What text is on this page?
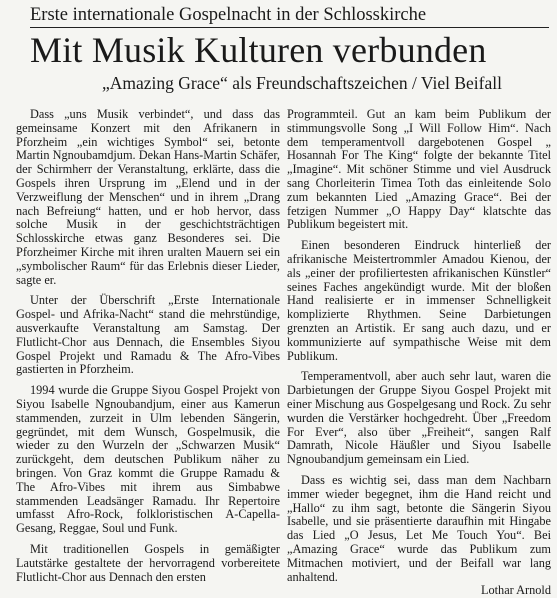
Erste internationale Gospelnacht in der Schlosskirche
Mit Musik Kulturen verbunden
„Amazing Grace“ als Freundschaftszeichen / Viel Beifall

Dass „uns Musik verbindet“, und dass das gemeinsame Konzert mit den Afrikanern in Pforzheim „ein wichtiges Symbol“ sei, betonte Martin Ngnoubamdjum. Dekan Hans-Martin Schäfer, der Schirmherr der Veranstaltung, erklärte, dass die Gospels ihren Ursprung im „Elend und in der Verzweiflung der Menschen“ und in ihrem „Drang nach Befreiung“ hatten, und er hob hervor, dass solche Musik in der geschichtsträchtigen Schlosskirche etwas ganz Besonderes sei. Die Pforzheimer Kirche mit ihren uralten Mauern sei ein „symbolischer Raum“ für das Erlebnis dieser Lieder, sagte er.

Unter der Überschrift „Erste Internationale Gospel- und Afrika-Nacht“ stand die mehrstündige, ausverkaufte Veranstaltung am Samstag. Der Flutlicht-Chor aus Dennach, die Ensembles Siyou Gospel Projekt und Ramadu & The Afro-Vibes gastierten in Pforzheim.

1994 wurde die Gruppe Siyou Gospel Projekt von Siyou Isabelle Ngnoubandjum, einer aus Kamerun stammenden, zurzeit in Ulm lebenden Sängerin, gegründet, mit dem Wunsch, Gospelmusik, die wieder zu den Wurzeln der „Schwarzen Musik“ zurückgeht, dem deutschen Publikum näher zu bringen. Von Graz kommt die Gruppe Ramadu & The Afro-Vibes mit ihrem aus Simbabwe stammenden Leadsänger Ramadu. Ihr Repertoire umfasst Afro-Rock, folkloristischen A-Capella-Gesang, Reggae, Soul und Funk.

Mit traditionellen Gospels in gemäßigter Lautstärke gestaltete der hervorragend vorbereitete Flutlicht-Chor aus Dennach den ersten

Programmteil. Gut an kam beim Publikum der stimmungsvolle Song „I Will Follow Him“. Nach dem temperamentvoll dargebotenen Gospel „ Hosannah For The King“ folgte der bekannte Titel „Imagine“. Mit schöner Stimme und viel Ausdruck sang Chorleiterin Timea Toth das einleitende Solo zum bekannten Lied „Amazing Grace“. Bei der fetzigen Nummer „O Happy Day“ klatschte das Publikum begeistert mit.

Einen besonderen Eindruck hinterließ der afrikanische Meistertrommler Amadou Kienou, der als „einer der profiliertesten afrikanischen Künstler“ seines Faches angekündigt wurde. Mit der bloßen Hand realisierte er in immenser Schnelligkeit komplizierte Rhythmen. Seine Darbietungen grenzten an Artistik. Er sang auch dazu, und er kommunizierte auf sympathische Weise mit dem Publikum.

Temperamentvoll, aber auch sehr laut, waren die Darbietungen der Gruppe Siyou Gospel Projekt mit einer Mischung aus Gospelgesang und Rock. Zu sehr wurden die Verstärker hochgedreht. Über „Freedom For Ever“, also über „Freiheit“, sangen Ralf Damrath, Nicole Häußler und Siyou Isabelle Ngnoubandjum gemeinsam ein Lied.

Dass es wichtig sei, dass man dem Nachbarn immer wieder begegnet, ihm die Hand reicht und „Hallo“ zu ihm sagt, betonte die Sängerin Siyou Isabelle, und sie präsentierte daraufhin mit Hingabe das Lied „O Jesus, Let Me Touch You“. Bei „Amazing Grace“ wurde das Publikum zum Mitmachen motiviert, und der Beifall war lang anhaltend.

Lothar Arnold
